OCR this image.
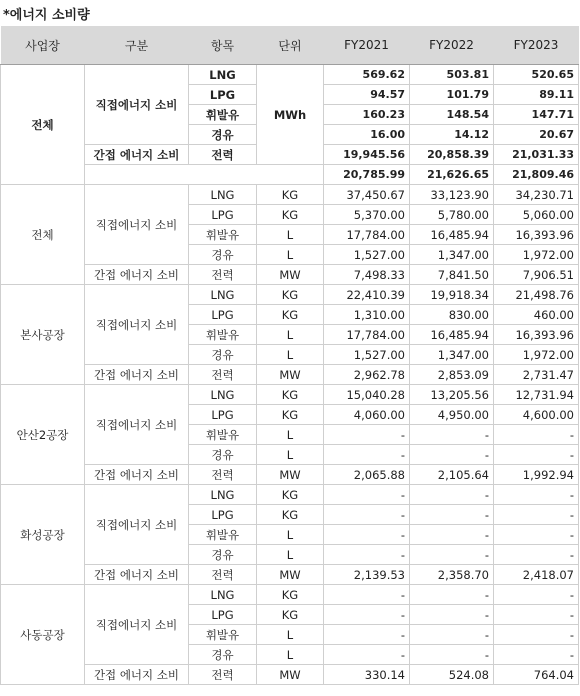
*에너지 소비량
사업장	구분	항목	단위	FY2021	FY2022	FY2023
전체	직접에너지 소비	LNG	MWh	569.62	503.81	520.65
		LPG		94.57	101.79	89.11
		휘발유		160.23	148.54	147.71
		경유		16.00	14.12	20.67
	간접 에너지 소비	전력		19,945.56	20,858.39	21,031.33
				20,785.99	21,626.65	21,809.46
전체	직접에너지 소비	LNG	KG	37,450.67	33,123.90	34,230.71
		LPG	KG	5,370.00	5,780.00	5,060.00
		휘발유	L	17,784.00	16,485.94	16,393.96
		경유	L	1,527.00	1,347.00	1,972.00
	간접 에너지 소비	전력	MW	7,498.33	7,841.50	7,906.51
본사공장	직접에너지 소비	LNG	KG	22,410.39	19,918.34	21,498.76
		LPG	KG	1,310.00	830.00	460.00
		휘발유	L	17,784.00	16,485.94	16,393.96
		경유	L	1,527.00	1,347.00	1,972.00
	간접 에너지 소비	전력	MW	2,962.78	2,853.09	2,731.47
안산2공장	직접에너지 소비	LNG	KG	15,040.28	13,205.56	12,731.94
		LPG	KG	4,060.00	4,950.00	4,600.00
		휘발유	L	-	-	-
		경유	L	-	-	-
	간접 에너지 소비	전력	MW	2,065.88	2,105.64	1,992.94
화성공장	직접에너지 소비	LNG	KG	-	-	-
		LPG	KG	-	-	-
		휘발유	L	-	-	-
		경유	L	-	-	-
	간접 에너지 소비	전력	MW	2,139.53	2,358.70	2,418.07
사동공장	직접에너지 소비	LNG	KG	-	-	-
		LPG	KG	-	-	-
		휘발유	L	-	-	-
		경유	L	-	-	-
	간접 에너지 소비	전력	MW	330.14	524.08	764.04
